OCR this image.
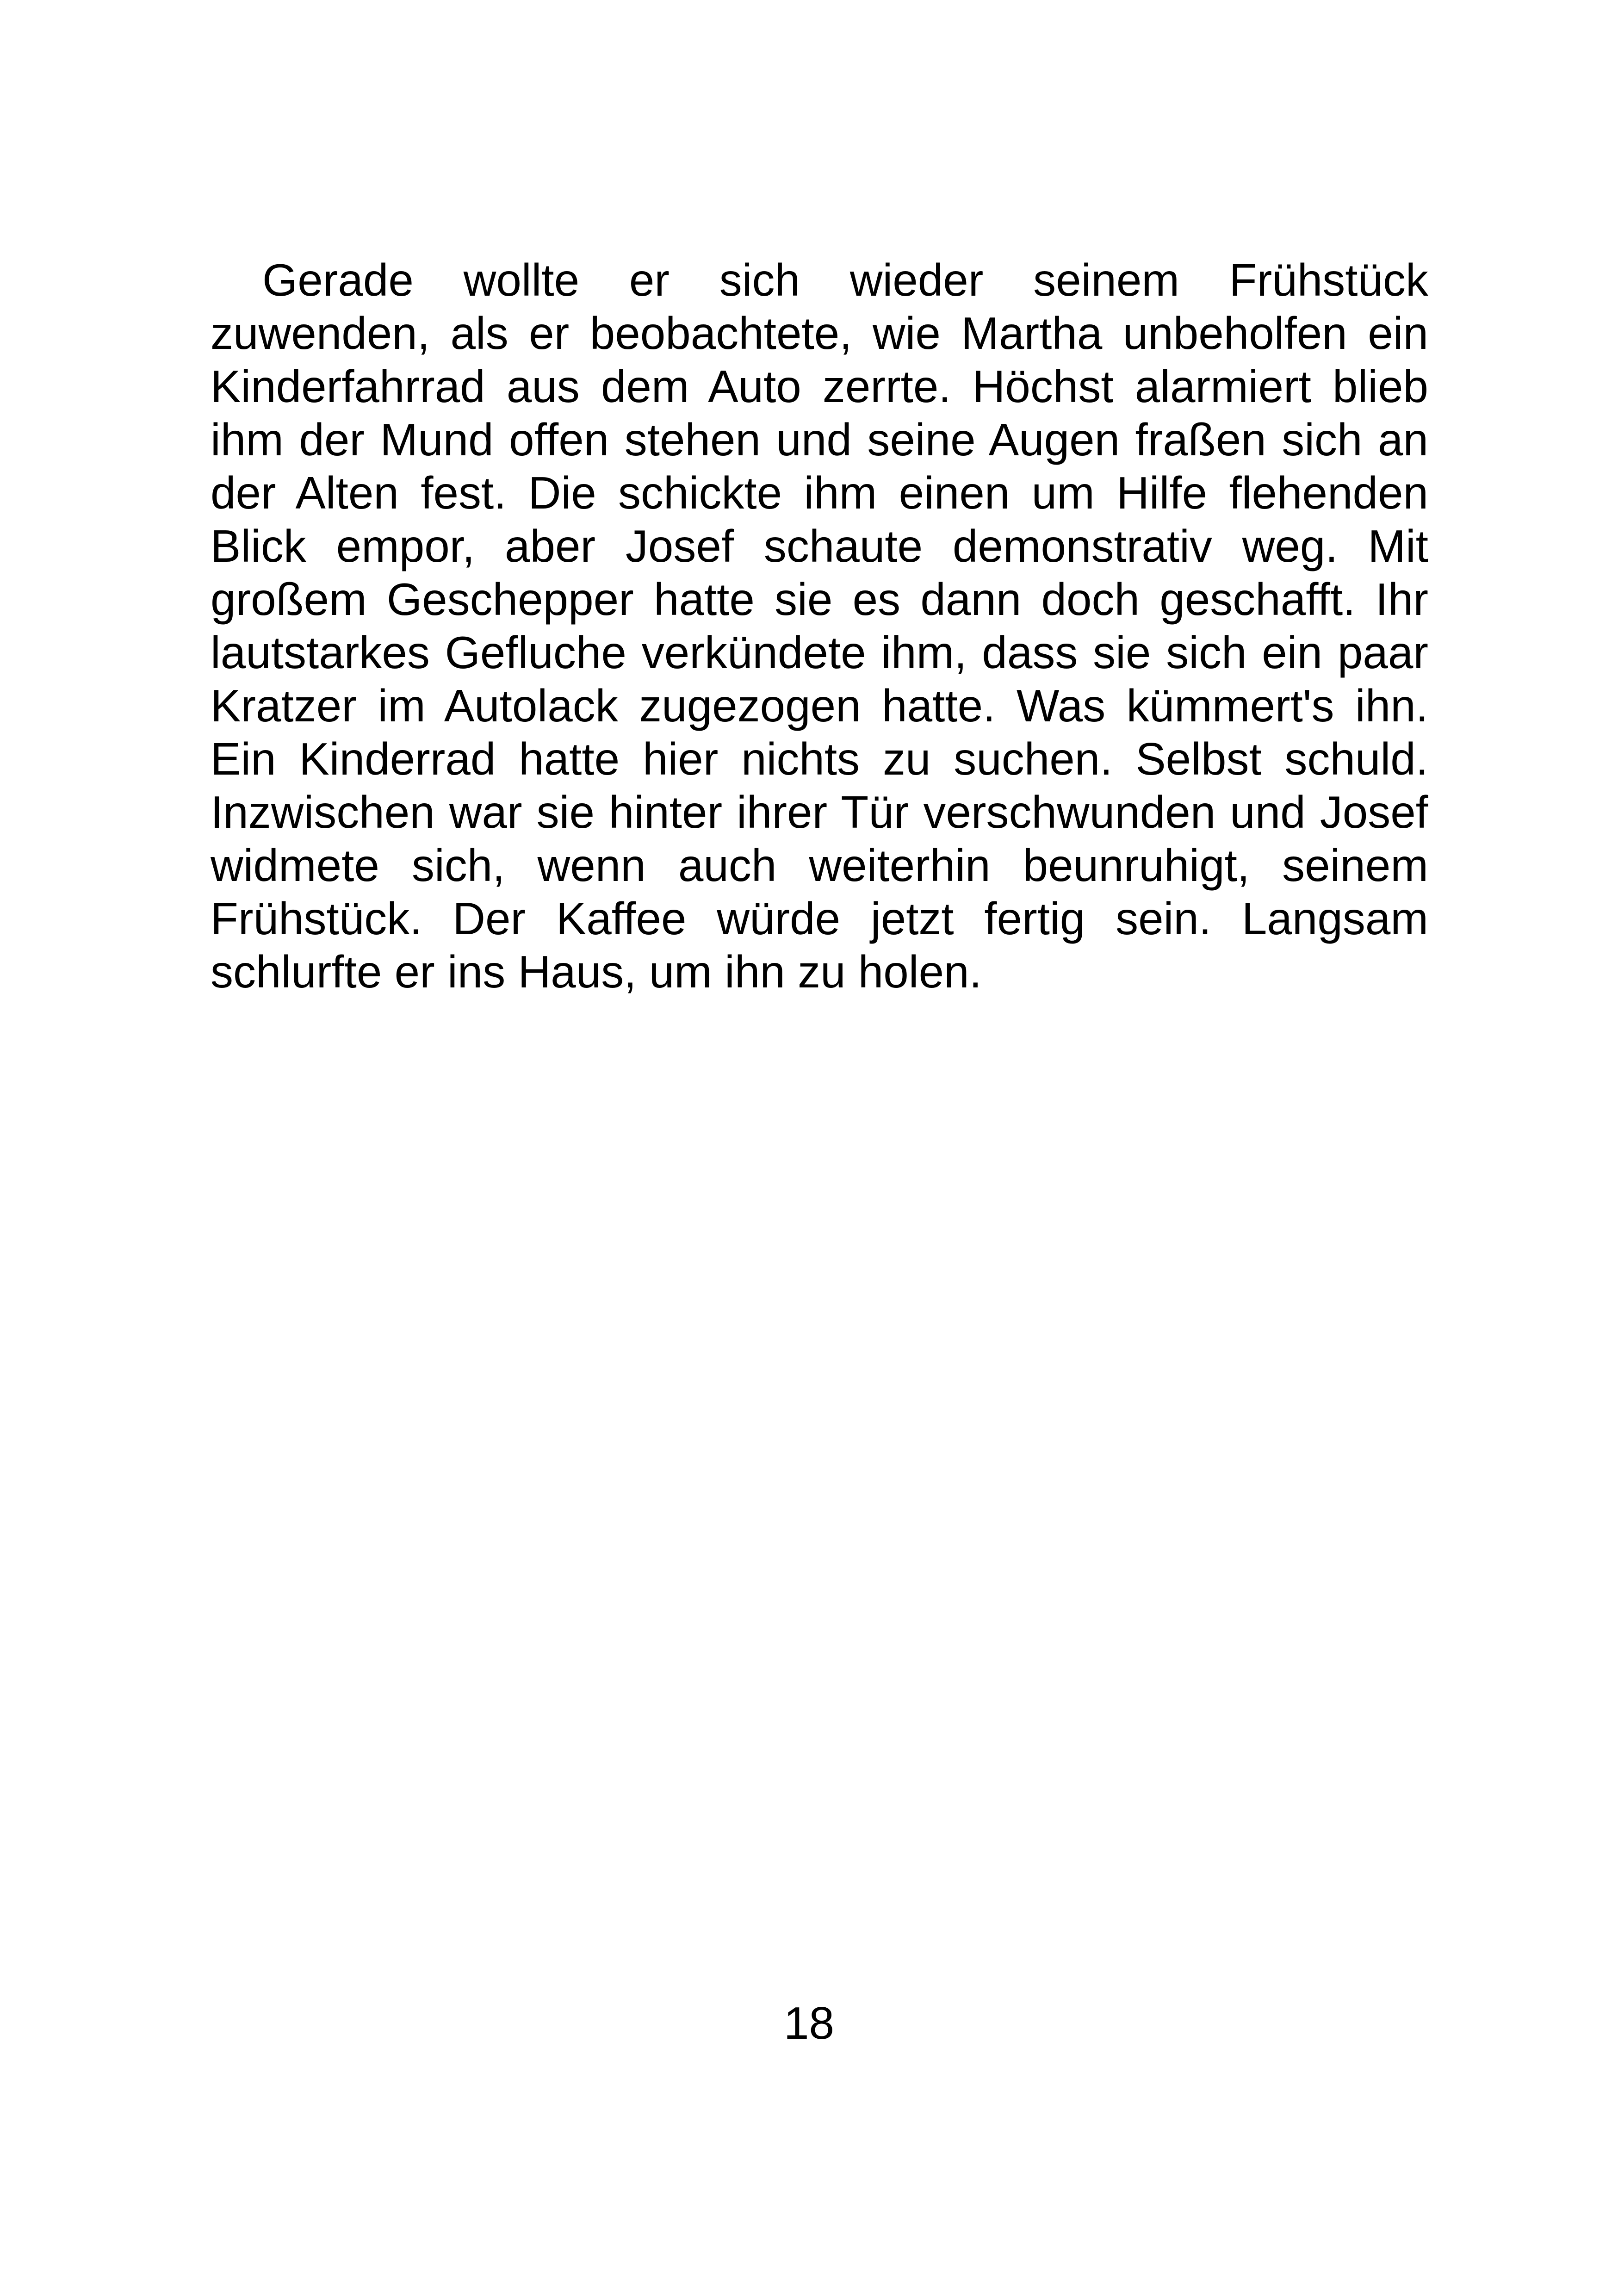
Gerade wollte er sich wieder seinem Frühstück
zuwenden, als er beobachtete, wie Martha unbeholfen ein
Kinderfahrrad aus dem Auto zerrte. Höchst alarmiert blieb
ihm der Mund offen stehen und seine Augen fraßen sich an
der Alten fest. Die schickte ihm einen um Hilfe flehenden
Blick empor, aber Josef schaute demonstrativ weg. Mit
großem Geschepper hatte sie es dann doch geschafft. Ihr
lautstarkes Gefluche verkündete ihm, dass sie sich ein paar
Kratzer im Autolack zugezogen hatte. Was kümmert's ihn.
Ein Kinderrad hatte hier nichts zu suchen. Selbst schuld.
Inzwischen war sie hinter ihrer Tür verschwunden und Josef
widmete sich, wenn auch weiterhin beunruhigt, seinem
Frühstück. Der Kaffee würde jetzt fertig sein. Langsam
schlurfte er ins Haus, um ihn zu holen.
18
